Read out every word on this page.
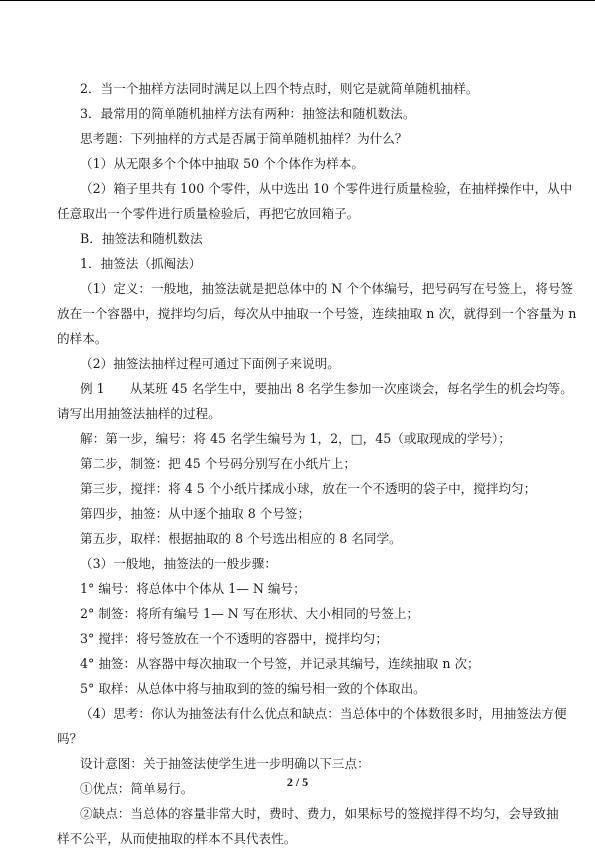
2．当一个抽样方法同时满足以上四个特点时，则它是就简单随机抽样。

3．最常用的简单随机抽样方法有两种：抽签法和随机数法。

思考题：下列抽样的方式是否属于简单随机抽样？为什么？

（1）从无限多个个体中抽取 50 个个体作为样本。

（2）箱子里共有 100 个零件，从中选出 10 个零件进行质量检验，在抽样操作中，从中

任意取出一个零件进行质量检验后，再把它放回箱子。

B．抽签法和随机数法

1．抽签法（抓阄法）

（1）定义：一般地，抽签法就是把总体中的 N 个个体编号，把号码写在号签上，将号签

放在一个容器中，搅拌均匀后，每次从中抽取一个号签，连续抽取 n 次，就得到一个容量为 n

的样本。

（2）抽签法抽样过程可通过下面例子来说明。

例 1　　从某班 45 名学生中，要抽出 8 名学生参加一次座谈会，每名学生的机会均等。

请写出用抽签法抽样的过程。

解：第一步，编号：将 45 名学生编号为 1，2，□，45（或取现成的学号）；

第二步，制签：把 45 个号码分别写在小纸片上；

第三步，搅拌：将 4 5 个小纸片揉成小球，放在一个不透明的袋子中，搅拌均匀；

第四步，抽签：从中逐个抽取 8 个号签；

第五步，取样：根据抽取的 8 个号选出相应的 8 名同学。

（3）一般地，抽签法的一般步骤：

1° 编号：将总体中个体从 1— N 编号；

2° 制签：将所有编号 1— N 写在形状、大小相同的号签上；

3° 搅拌：将号签放在一个不透明的容器中，搅拌均匀；

4° 抽签：从容器中每次抽取一个号签，并记录其编号，连续抽取 n 次；

5° 取样：从总体中将与抽取到的签的编号相一致的个体取出。

（4）思考：你认为抽签法有什么优点和缺点：当总体中的个体数很多时，用抽签法方便

吗？

设计意图：关于抽签法使学生进一步明确以下三点：

①优点：简单易行。

②缺点：当总体的容量非常大时，费时、费力，如果标号的签搅拌得不均匀，会导致抽

样不公平，从而使抽取的样本不具代表性。

2 / 5
